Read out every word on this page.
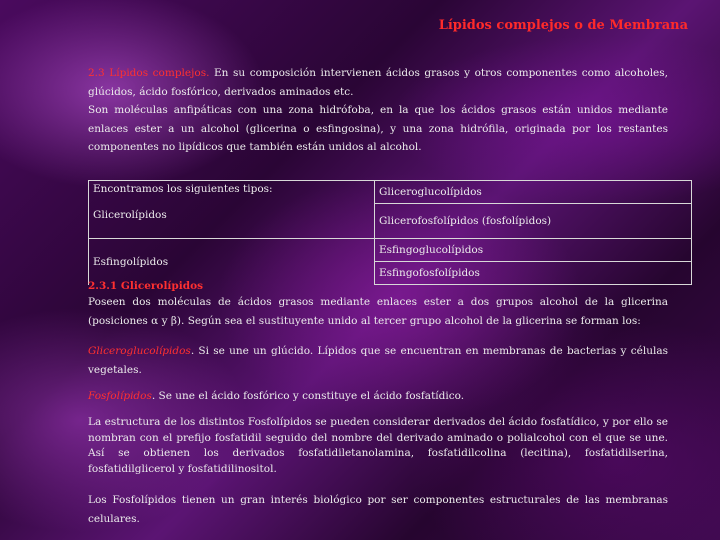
Lípidos complejos o de Membrana
2.3 Lípidos complejos. En su composición intervienen ácidos grasos y otros componentes como alcoholes, glúcidos, ácido fosfórico, derivados aminados etc.
Son moléculas anfipáticas con una zona hidrófoba, en la que los ácidos grasos están unidos mediante enlaces ester a un alcohol (glicerina o esfingosina), y una zona hidrófila, originada por los restantes componentes no lipídicos que también están unidos al alcohol.
Encontramos los siguientes tipos:
Glicerolípidos	Gliceroglucolípidos
	Glicerofosfolípidos (fosfolípidos)
Esfingolípidos	Esfingoglucolípidos
	Esfingofosfolípidos
2.3.1 Glicerolípidos
Poseen dos moléculas de ácidos grasos mediante enlaces ester a dos grupos alcohol de la glicerina (posiciones α y β). Según sea el sustituyente unido al tercer grupo alcohol de la glicerina se forman los:
Gliceroglucolípidos. Si se une un glúcido. Lípidos que se encuentran en membranas de bacterias y células vegetales.
Fosfolípidos. Se une el ácido fosfórico y constituye el ácido fosfatídico.
La estructura de los distintos Fosfolípidos se pueden considerar derivados del ácido fosfatídico, y por ello se nombran con el prefijo fosfatidil seguido del nombre del derivado aminado o polialcohol con el que se une. Así se obtienen los derivados fosfatidiletanolamina, fosfatidilcolina (lecitina), fosfatidilserina, fosfatidilglicerol y fosfatidilinositol.
Los Fosfolípidos tienen un gran interés biológico por ser componentes estructurales de las membranas celulares.
